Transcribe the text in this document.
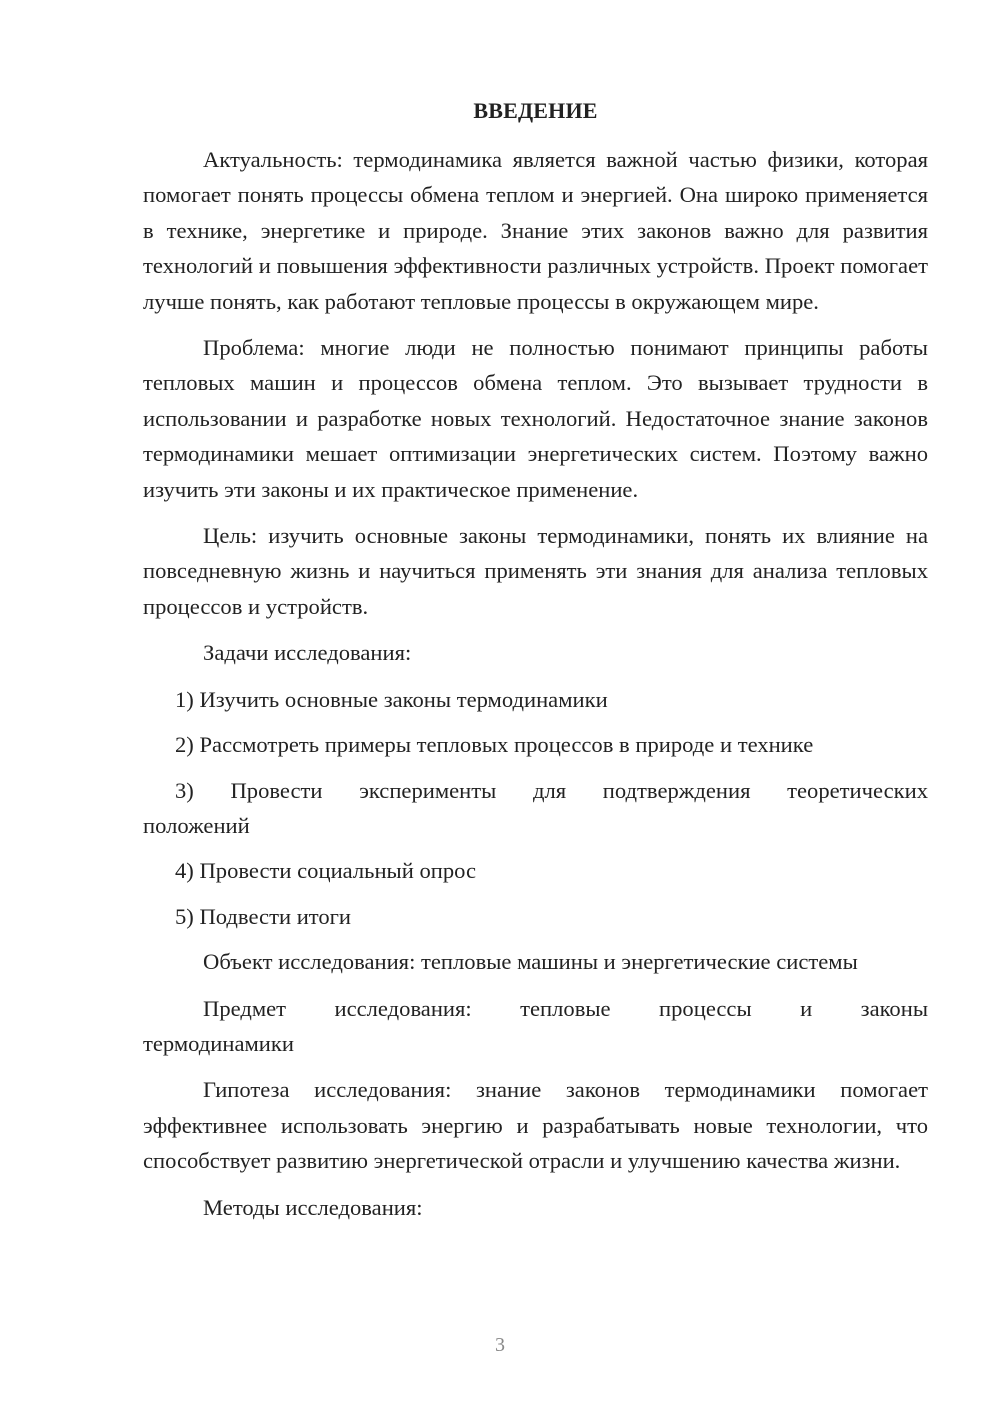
ВВЕДЕНИЕ

Актуальность: термодинамика является важной частью физики, которая помогает понять процессы обмена теплом и энергией. Она широко применяется в технике, энергетике и природе. Знание этих законов важно для развития технологий и повышения эффективности различных устройств. Проект помогает лучше понять, как работают тепловые процессы в окружающем мире.

Проблема: многие люди не полностью понимают принципы работы тепловых машин и процессов обмена теплом. Это вызывает трудности в использовании и разработке новых технологий. Недостаточное знание законов термодинамики мешает оптимизации энергетических систем. Поэтому важно изучить эти законы и их практическое применение.

Цель: изучить основные законы термодинамики, понять их влияние на повседневную жизнь и научиться применять эти знания для анализа тепловых процессов и устройств.

Задачи исследования:

1) Изучить основные законы термодинамики

2) Рассмотреть примеры тепловых процессов в природе и технике

3) Провести эксперименты для подтверждения теоретических положений

4) Провести социальный опрос

5) Подвести итоги

Объект исследования: тепловые машины и энергетические системы

Предмет исследования: тепловые процессы и законы термодинамики

Гипотеза исследования: знание законов термодинамики помогает эффективнее использовать энергию и разрабатывать новые технологии, что способствует развитию энергетической отрасли и улучшению качества жизни.

Методы исследования:

3
